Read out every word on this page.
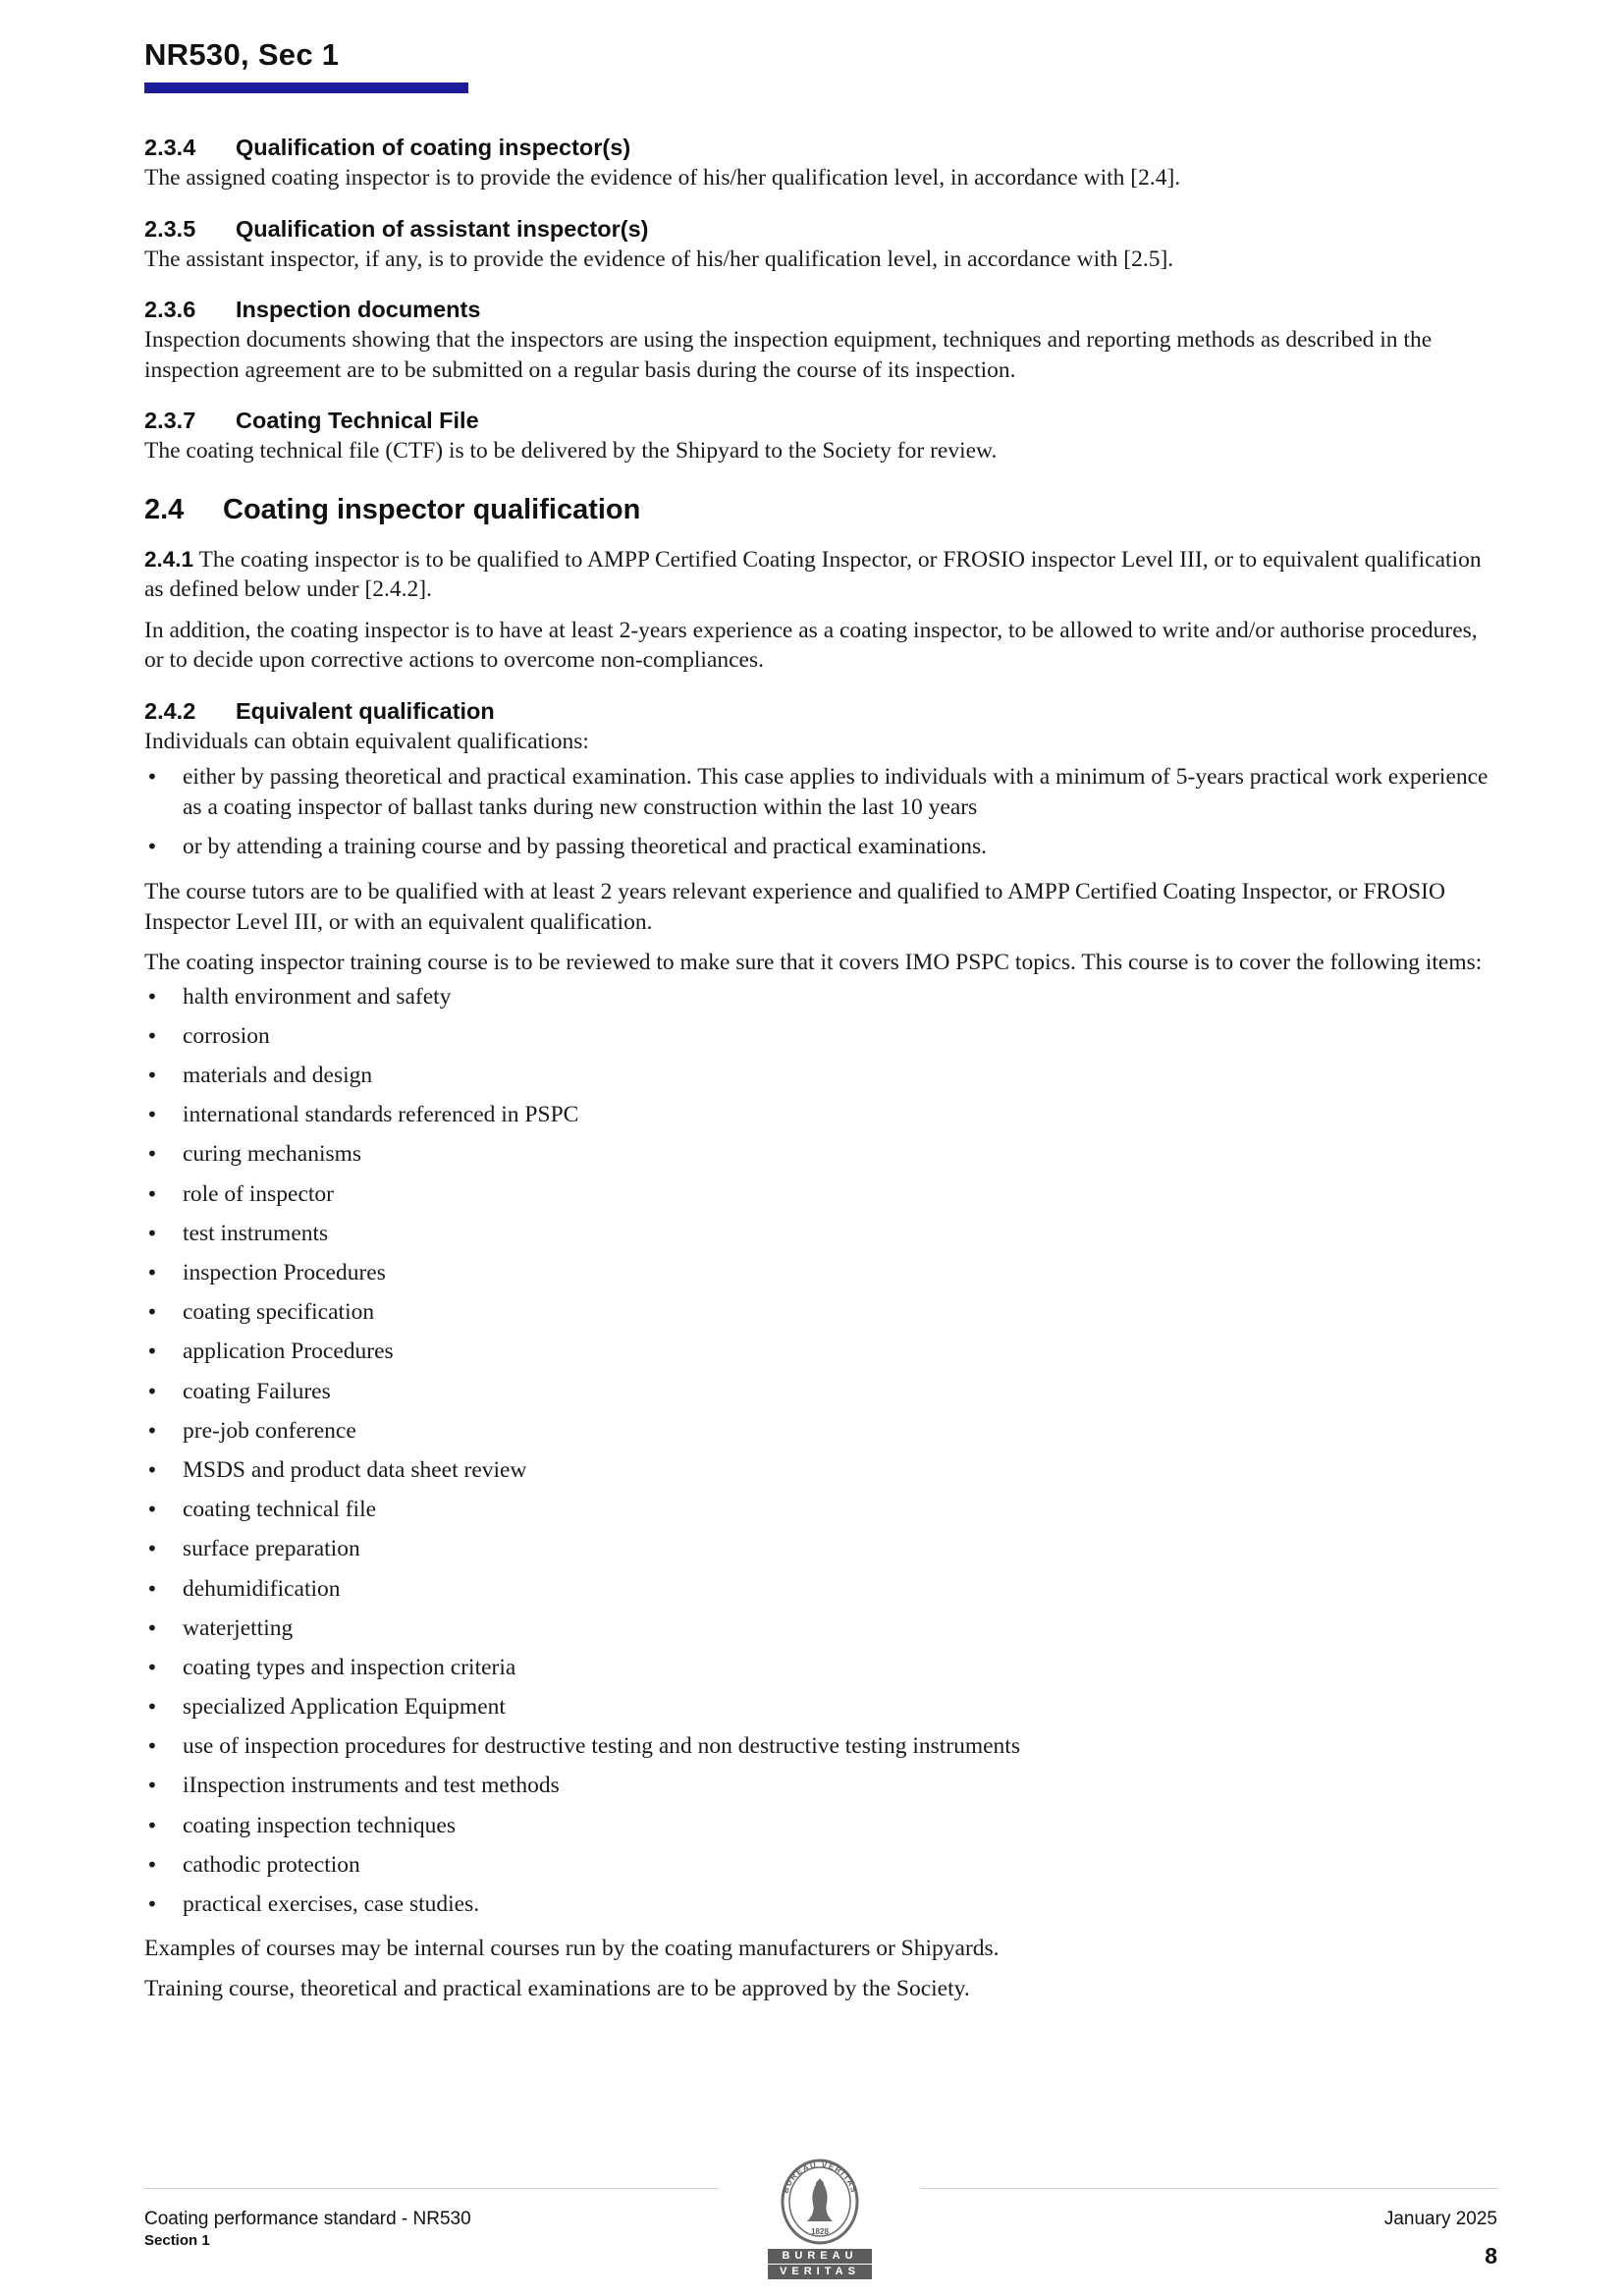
NR530, Sec 1
2.3.4 Qualification of coating inspector(s)

The assigned coating inspector is to provide the evidence of his/her qualification level, in accordance with [2.4].

2.3.5 Qualification of assistant inspector(s)

The assistant inspector, if any, is to provide the evidence of his/her qualification level, in accordance with [2.5].

2.3.6 Inspection documents

Inspection documents showing that the inspectors are using the inspection equipment, techniques and reporting methods as described in the inspection agreement are to be submitted on a regular basis during the course of its inspection.

2.3.7 Coating Technical File

The coating technical file (CTF) is to be delivered by the Shipyard to the Society for review.

2.4 Coating inspector qualification

2.4.1 The coating inspector is to be qualified to AMPP Certified Coating Inspector, or FROSIO inspector Level III, or to equivalent qualification as defined below under [2.4.2].

In addition, the coating inspector is to have at least 2-years experience as a coating inspector, to be allowed to write and/or authorise procedures, or to decide upon corrective actions to overcome non-compliances.

2.4.2 Equivalent qualification

Individuals can obtain equivalent qualifications:

• either by passing theoretical and practical examination. This case applies to individuals with a minimum of 5-years practical work experience as a coating inspector of ballast tanks during new construction within the last 10 years
• or by attending a training course and by passing theoretical and practical examinations.

The course tutors are to be qualified with at least 2 years relevant experience and qualified to AMPP Certified Coating Inspector, or FROSIO Inspector Level III, or with an equivalent qualification.

The coating inspector training course is to be reviewed to make sure that it covers IMO PSPC topics. This course is to cover the following items:

• halth environment and safety
• corrosion
• materials and design
• international standards referenced in PSPC
• curing mechanisms
• role of inspector
• test instruments
• inspection Procedures
• coating specification
• application Procedures
• coating Failures
• pre-job conference
• MSDS and product data sheet review
• coating technical file
• surface preparation
• dehumidification
• waterjetting
• coating types and inspection criteria
• specialized Application Equipment
• use of inspection procedures for destructive testing and non destructive testing instruments
• iInspection instruments and test methods
• coating inspection techniques
• cathodic protection
• practical exercises, case studies.

Examples of courses may be internal courses run by the coating manufacturers or Shipyards.

Training course, theoretical and practical examinations are to be approved by the Society.

Coating performance standard - NR530
Section 1
BUREAU VERITAS
1828
BUREAU
VERITAS
January 2025
8
